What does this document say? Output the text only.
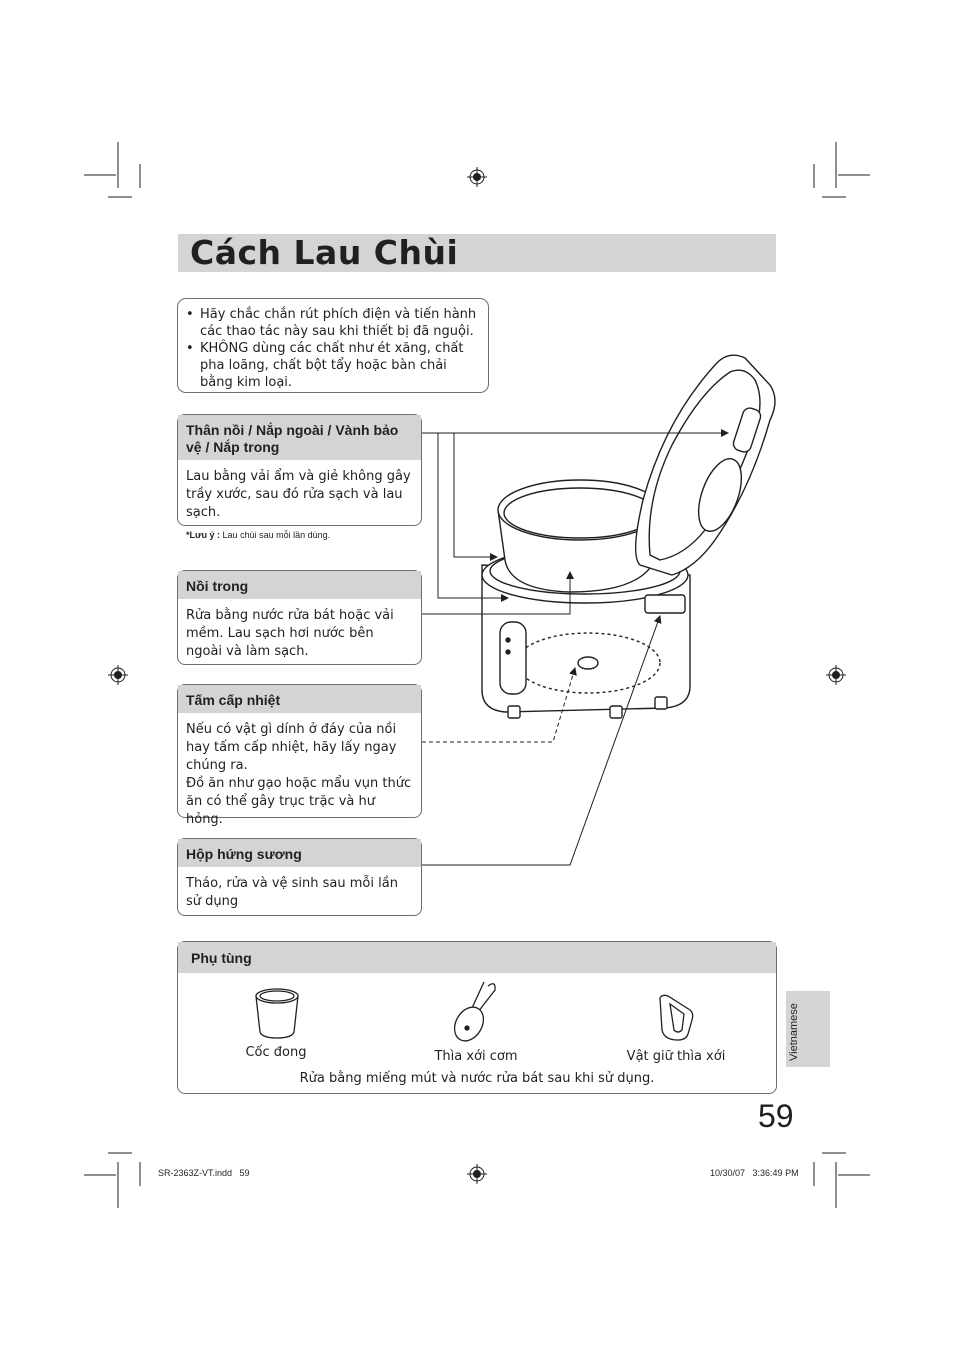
Cách Lau Chùi
• Hãy chắc chắn rút phích điện và tiến hành các thao tác này sau khi thiết bị đã nguội.
• KHÔNG dùng các chất như ét xăng, chất pha loãng, chất bột tẩy hoặc bàn chải bằng kim loại.
Thân nồi / Nắp ngoài / Vành bảo vệ / Nắp trong
Lau bằng vải ẩm và giẻ không gây trầy xước, sau đó rửa sạch và lau sạch.
*Lưu ý : Lau chùi sau mỗi lần dùng.
Nồi trong
Rửa bằng nước rửa bát hoặc vải mềm. Lau sạch hơi nước bên ngoài và làm sạch.
Tấm cấp nhiệt
Nếu có vật gì dính ở đáy của nồi hay tấm cấp nhiệt, hãy lấy ngay chúng ra.
Đồ ăn như gạo hoặc mẩu vụn thức ăn có thể gây trục trặc và hư hỏng.
Hộp hứng sương
Tháo, rửa và vệ sinh sau mỗi lần sử dụng
Phụ tùng
Cốc đong	Thìa xới cơm	Vật giữ thìa xới
Rửa bằng miếng mút và nước rửa bát sau khi sử dụng.
Vietnamese
59
SR-2363Z-VT.indd   59	10/30/07   3:36:49 PM
